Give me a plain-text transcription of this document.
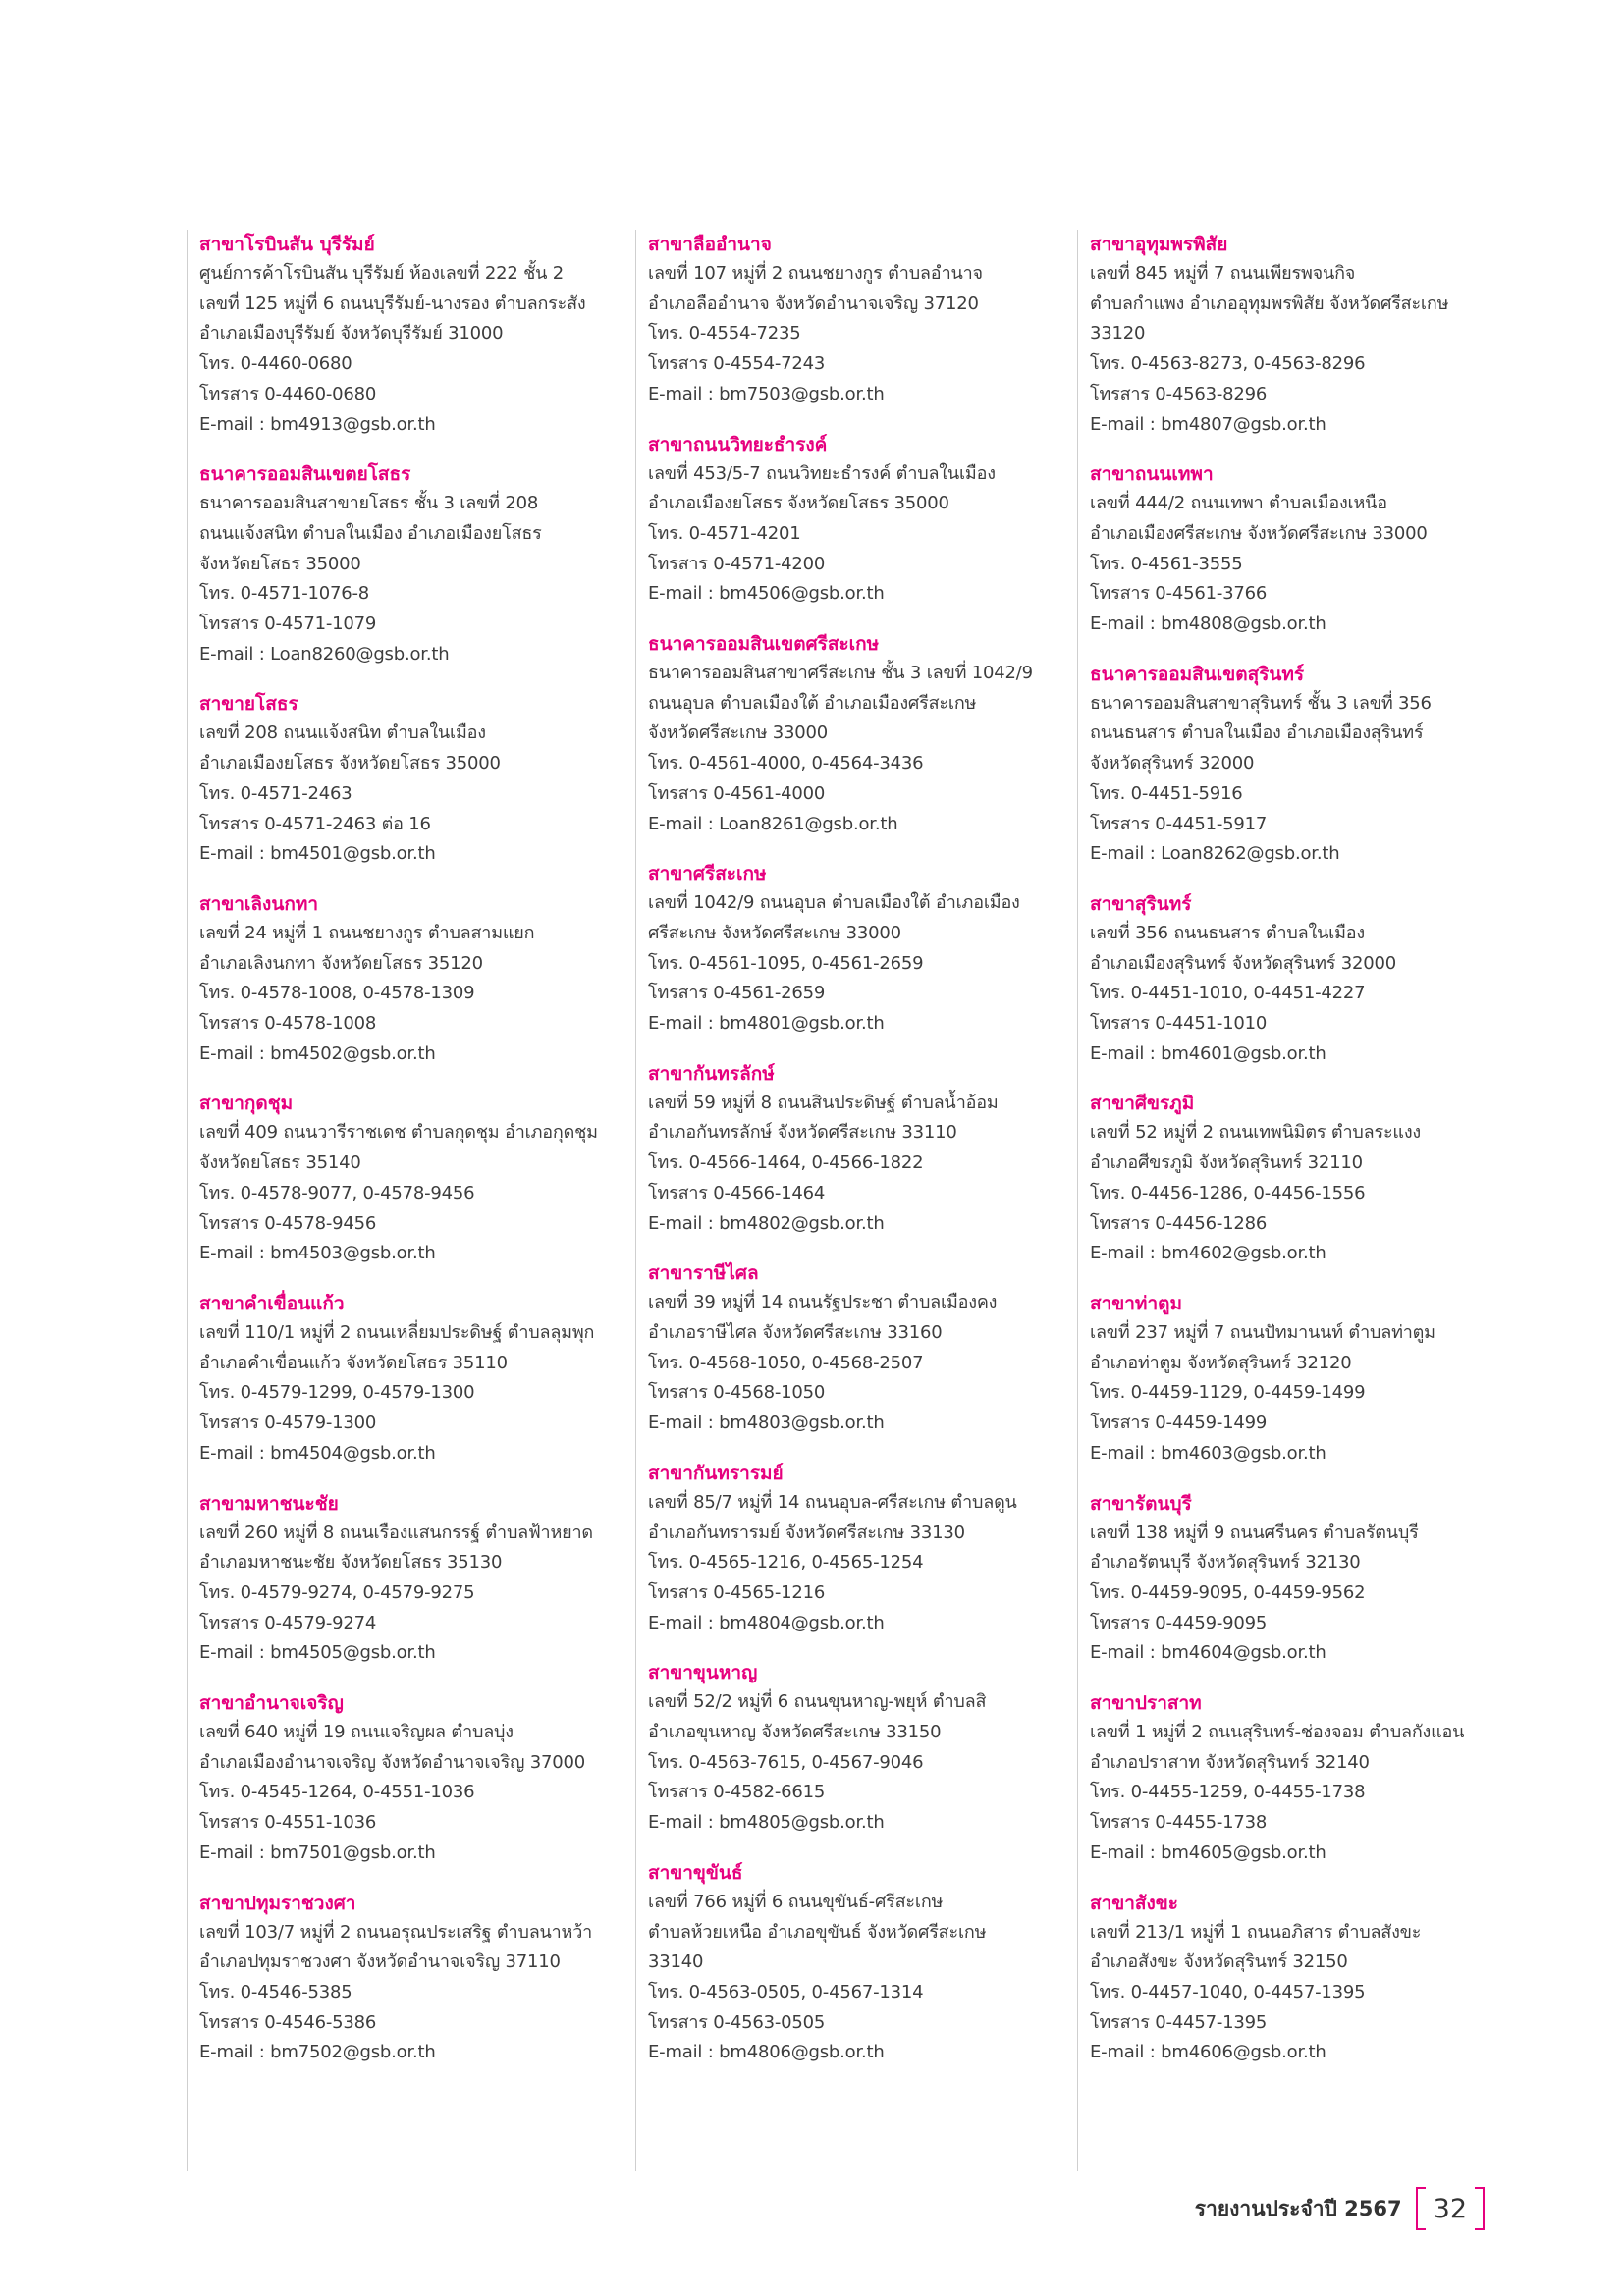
สาขาโรบินสัน บุรีรัมย์
ศูนย์การค้าโรบินสัน บุรีรัมย์ ห้องเลขที่ 222 ชั้น 2
เลขที่ 125 หมู่ที่ 6 ถนนบุรีรัมย์-นางรอง ตำบลกระสัง
อำเภอเมืองบุรีรัมย์ จังหวัดบุรีรัมย์ 31000
โทร. 0-4460-0680
โทรสาร 0-4460-0680
E-mail : bm4913@gsb.or.th
ธนาคารออมสินเขตยโสธร
ธนาคารออมสินสาขายโสธร ชั้น 3 เลขที่ 208
ถนนแจ้งสนิท ตำบลในเมือง อำเภอเมืองยโสธร
จังหวัดยโสธร 35000
โทร. 0-4571-1076-8
โทรสาร 0-4571-1079
E-mail : Loan8260@gsb.or.th
สาขายโสธร
เลขที่ 208 ถนนแจ้งสนิท ตำบลในเมือง
อำเภอเมืองยโสธร จังหวัดยโสธร 35000
โทร. 0-4571-2463
โทรสาร 0-4571-2463 ต่อ 16
E-mail : bm4501@gsb.or.th
สาขาเลิงนกทา
เลขที่ 24 หมู่ที่ 1 ถนนชยางกูร ตำบลสามแยก
อำเภอเลิงนกทา จังหวัดยโสธร 35120
โทร. 0-4578-1008, 0-4578-1309
โทรสาร 0-4578-1008
E-mail : bm4502@gsb.or.th
สาขากุดชุม
เลขที่ 409 ถนนวารีราชเดช ตำบลกุดชุม อำเภอกุดชุม
จังหวัดยโสธร 35140
โทร. 0-4578-9077, 0-4578-9456
โทรสาร 0-4578-9456
E-mail : bm4503@gsb.or.th
สาขาคำเขื่อนแก้ว
เลขที่ 110/1 หมู่ที่ 2 ถนนเหลี่ยมประดิษฐ์ ตำบลลุมพุก
อำเภอคำเขื่อนแก้ว จังหวัดยโสธร 35110
โทร. 0-4579-1299, 0-4579-1300
โทรสาร 0-4579-1300
E-mail : bm4504@gsb.or.th
สาขามหาชนะชัย
เลขที่ 260 หมู่ที่ 8 ถนนเรืองแสนกรรฐ์ ตำบลฟ้าหยาด
อำเภอมหาชนะชัย จังหวัดยโสธร 35130
โทร. 0-4579-9274, 0-4579-9275
โทรสาร 0-4579-9274
E-mail : bm4505@gsb.or.th
สาขาอำนาจเจริญ
เลขที่ 640 หมู่ที่ 19 ถนนเจริญผล ตำบลบุ่ง
อำเภอเมืองอำนาจเจริญ จังหวัดอำนาจเจริญ 37000
โทร. 0-4545-1264, 0-4551-1036
โทรสาร 0-4551-1036
E-mail : bm7501@gsb.or.th
สาขาปทุมราชวงศา
เลขที่ 103/7 หมู่ที่ 2 ถนนอรุณประเสริฐ ตำบลนาหว้า
อำเภอปทุมราชวงศา จังหวัดอำนาจเจริญ 37110
โทร. 0-4546-5385
โทรสาร 0-4546-5386
E-mail : bm7502@gsb.or.th
สาขาลืออำนาจ
เลขที่ 107 หมู่ที่ 2 ถนนชยางกูร ตำบลอำนาจ
อำเภอลืออำนาจ จังหวัดอำนาจเจริญ 37120
โทร. 0-4554-7235
โทรสาร 0-4554-7243
E-mail : bm7503@gsb.or.th
สาขาถนนวิทยะธำรงค์
เลขที่ 453/5-7 ถนนวิทยะธำรงค์ ตำบลในเมือง
อำเภอเมืองยโสธร จังหวัดยโสธร 35000
โทร. 0-4571-4201
โทรสาร 0-4571-4200
E-mail : bm4506@gsb.or.th
ธนาคารออมสินเขตศรีสะเกษ
ธนาคารออมสินสาขาศรีสะเกษ ชั้น 3 เลขที่ 1042/9
ถนนอุบล ตำบลเมืองใต้ อำเภอเมืองศรีสะเกษ
จังหวัดศรีสะเกษ 33000
โทร. 0-4561-4000, 0-4564-3436
โทรสาร 0-4561-4000
E-mail : Loan8261@gsb.or.th
สาขาศรีสะเกษ
เลขที่ 1042/9 ถนนอุบล ตำบลเมืองใต้ อำเภอเมือง
ศรีสะเกษ จังหวัดศรีสะเกษ 33000
โทร. 0-4561-1095, 0-4561-2659
โทรสาร 0-4561-2659
E-mail : bm4801@gsb.or.th
สาขากันทรลักษ์
เลขที่ 59 หมู่ที่ 8 ถนนสินประดิษฐ์ ตำบลน้ำอ้อม
อำเภอกันทรลักษ์ จังหวัดศรีสะเกษ 33110
โทร. 0-4566-1464, 0-4566-1822
โทรสาร 0-4566-1464
E-mail : bm4802@gsb.or.th
สาขาราษีไศล
เลขที่ 39 หมู่ที่ 14 ถนนรัฐประชา ตำบลเมืองคง
อำเภอราษีไศล จังหวัดศรีสะเกษ 33160
โทร. 0-4568-1050, 0-4568-2507
โทรสาร 0-4568-1050
E-mail : bm4803@gsb.or.th
สาขากันทรารมย์
เลขที่ 85/7 หมู่ที่ 14 ถนนอุบล-ศรีสะเกษ ตำบลดูน
อำเภอกันทรารมย์ จังหวัดศรีสะเกษ 33130
โทร. 0-4565-1216, 0-4565-1254
โทรสาร 0-4565-1216
E-mail : bm4804@gsb.or.th
สาขาขุนหาญ
เลขที่ 52/2 หมู่ที่ 6 ถนนขุนหาญ-พยุห์ ตำบลสิ
อำเภอขุนหาญ จังหวัดศรีสะเกษ 33150
โทร. 0-4563-7615, 0-4567-9046
โทรสาร 0-4582-6615
E-mail : bm4805@gsb.or.th
สาขาขุขันธ์
เลขที่ 766 หมู่ที่ 6 ถนนขุขันธ์-ศรีสะเกษ
ตำบลห้วยเหนือ อำเภอขุขันธ์ จังหวัดศรีสะเกษ
33140
โทร. 0-4563-0505, 0-4567-1314
โทรสาร 0-4563-0505
E-mail : bm4806@gsb.or.th
สาขาอุทุมพรพิสัย
เลขที่ 845 หมู่ที่ 7 ถนนเพียรพจนกิจ
ตำบลกำแพง อำเภออุทุมพรพิสัย จังหวัดศรีสะเกษ
33120
โทร. 0-4563-8273, 0-4563-8296
โทรสาร 0-4563-8296
E-mail : bm4807@gsb.or.th
สาขาถนนเทพา
เลขที่ 444/2 ถนนเทพา ตำบลเมืองเหนือ
อำเภอเมืองศรีสะเกษ จังหวัดศรีสะเกษ 33000
โทร. 0-4561-3555
โทรสาร 0-4561-3766
E-mail : bm4808@gsb.or.th
ธนาคารออมสินเขตสุรินทร์
ธนาคารออมสินสาขาสุรินทร์ ชั้น 3 เลขที่ 356
ถนนธนสาร ตำบลในเมือง อำเภอเมืองสุรินทร์
จังหวัดสุรินทร์ 32000
โทร. 0-4451-5916
โทรสาร 0-4451-5917
E-mail : Loan8262@gsb.or.th
สาขาสุรินทร์
เลขที่ 356 ถนนธนสาร ตำบลในเมือง
อำเภอเมืองสุรินทร์ จังหวัดสุรินทร์ 32000
โทร. 0-4451-1010, 0-4451-4227
โทรสาร 0-4451-1010
E-mail : bm4601@gsb.or.th
สาขาศีขรภูมิ
เลขที่ 52 หมู่ที่ 2 ถนนเทพนิมิตร ตำบลระแงง
อำเภอศีขรภูมิ จังหวัดสุรินทร์ 32110
โทร. 0-4456-1286, 0-4456-1556
โทรสาร 0-4456-1286
E-mail : bm4602@gsb.or.th
สาขาท่าตูม
เลขที่ 237 หมู่ที่ 7 ถนนปัทมานนท์ ตำบลท่าตูม
อำเภอท่าตูม จังหวัดสุรินทร์ 32120
โทร. 0-4459-1129, 0-4459-1499
โทรสาร 0-4459-1499
E-mail : bm4603@gsb.or.th
สาขารัตนบุรี
เลขที่ 138 หมู่ที่ 9 ถนนศรีนคร ตำบลรัตนบุรี
อำเภอรัตนบุรี จังหวัดสุรินทร์ 32130
โทร. 0-4459-9095, 0-4459-9562
โทรสาร 0-4459-9095
E-mail : bm4604@gsb.or.th
สาขาปราสาท
เลขที่ 1 หมู่ที่ 2 ถนนสุรินทร์-ช่องจอม ตำบลกังแอน
อำเภอปราสาท จังหวัดสุรินทร์ 32140
โทร. 0-4455-1259, 0-4455-1738
โทรสาร 0-4455-1738
E-mail : bm4605@gsb.or.th
สาขาสังขะ
เลขที่ 213/1 หมู่ที่ 1 ถนนอภิสาร ตำบลสังขะ
อำเภอสังขะ จังหวัดสุรินทร์ 32150
โทร. 0-4457-1040, 0-4457-1395
โทรสาร 0-4457-1395
E-mail : bm4606@gsb.or.th
รายงานประจำปี 2567	32
